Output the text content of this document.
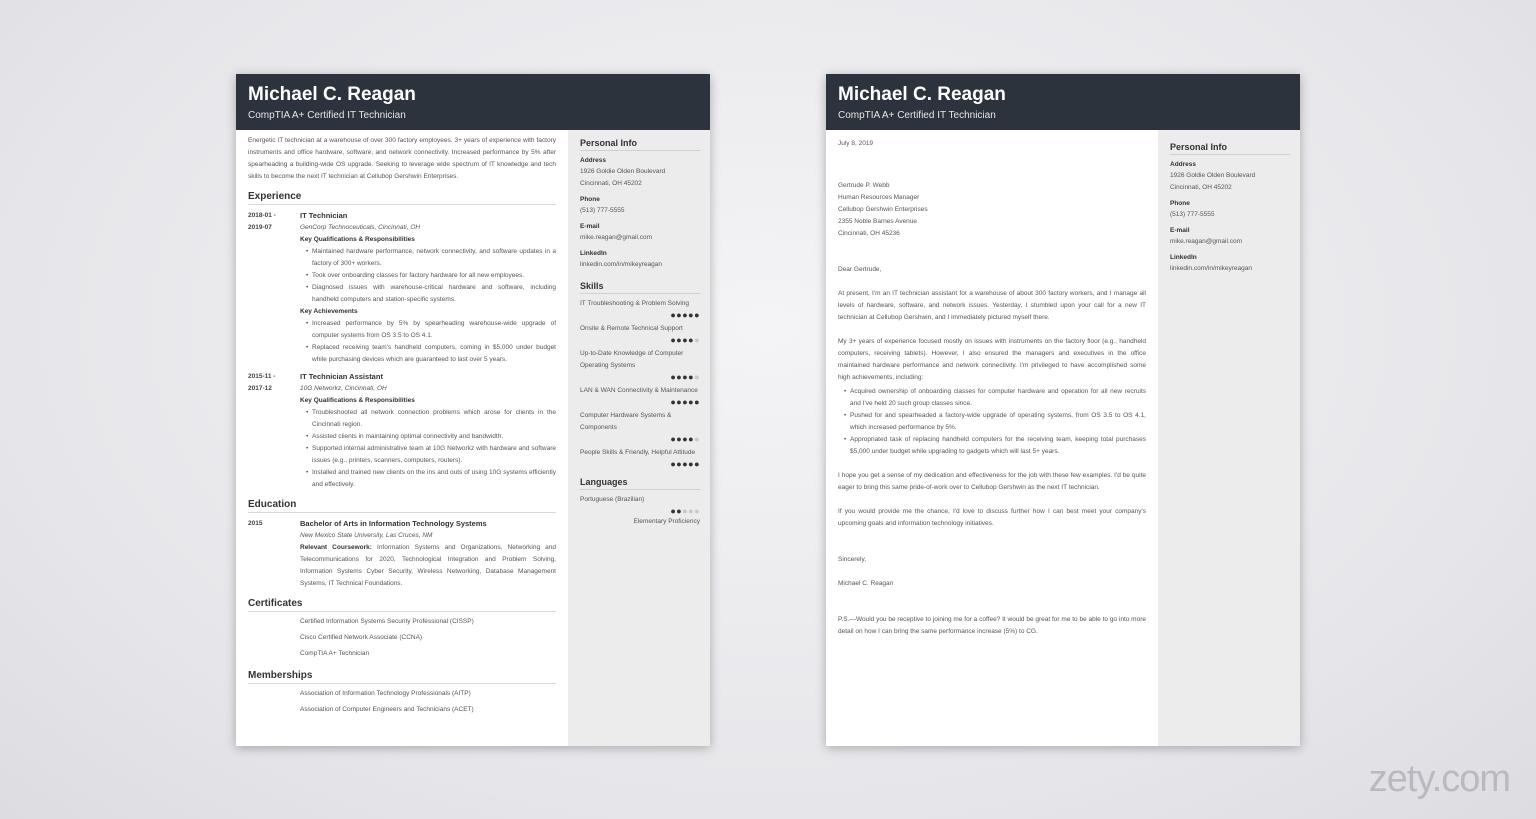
Michael C. Reagan
CompTIA A+ Certified IT Technician

Energetic IT technician at a warehouse of over 300 factory employees. 3+ years of experience with factory instruments and office hardware, software, and network connectivity. Increased performance by 5% after spearheading a building-wide OS upgrade. Seeking to leverage wide spectrum of IT knowledge and tech skills to become the next IT technician at Cellubop Gershwin Enterprises.

Experience
2018-01 -
2019-07
IT Technician
GenCorp Technoceuticals, Cincinnati, OH
Key Qualifications & Responsibilities
• Maintained hardware performance, network connectivity, and software updates in a factory of 300+ workers.
• Took over onboarding classes for factory hardware for all new employees.
• Diagnosed issues with warehouse-critical hardware and software, including handheld computers and station-specific systems.
Key Achievements
• Increased performance by 5% by spearheading warehouse-wide upgrade of computer systems from OS 3.5 to OS 4.1.
• Replaced receiving team's handheld computers, coming in $5,000 under budget while purchasing devices which are guaranteed to last over 5 years.
2015-11 -
2017-12
IT Technician Assistant
10G Networkz, Cincinnati, OH
Key Qualifications & Responsibilities
• Troubleshooted all network connection problems which arose for clients in the Cincinnati region.
• Assisted clients in maintaining optimal connectivity and bandwidth.
• Supported internal administrative team at 10G Networkz with hardware and software issues (e.g., printers, scanners, computers, routers).
• Installed and trained new clients on the ins and outs of using 10G systems efficiently and effectively.
Education
2015	Bachelor of Arts in Information Technology Systems
New Mexico State University, Las Cruces, NM
Relevant Coursework: Information Systems and Organizations, Networking and Telecommunications for 2020, Technological Integration and Problem Solving, Information Systems Cyber Security, Wireless Networking, Database Management Systems, IT Technical Foundations.
Certificates
Certified Information Systems Security Professional (CISSP)
Cisco Certified Network Associate (CCNA)
CompTIA A+ Technician
Memberships
Association of Information Technology Professionals (AITP)
Association of Computer Engineers and Technicians (ACET)
Personal Info
Address
1926 Goldie Olden Boulevard
Cincinnati, OH 45202
Phone
(513) 777-5555
E-mail
mike.reagan@gmail.com
LinkedIn
linkedin.com/in/mikeyreagan
Skills
IT Troubleshooting & Problem Solving
●●●●●
Onsite & Remote Technical Support
●●●●●
Up-to-Date Knowledge of Computer Operating Systems
●●●●●
LAN & WAN Connectivity & Maintenance
●●●●●
Computer Hardware Systems & Components
●●●●●
People Skills & Friendly, Helpful Attitude
●●●●●
Languages
Portuguese (Brazilian)
●●●●●
Elementary Proficiency
Michael C. Reagan
CompTIA A+ Certified IT Technician

July 8, 2019

Gertrude P. Webb
Human Resources Manager
Cellubop Gershwin Enterprises
2355 Noble Barnes Avenue
Cincinnati, OH 45236

Dear Gertrude,

At present, I'm an IT technician assistant for a warehouse of about 300 factory workers, and I manage all levels of hardware, software, and network issues. Yesterday, I stumbled upon your call for a new IT technician at Cellubop Gershwin, and I immediately pictured myself there.

My 3+ years of experience focused mostly on issues with instruments on the factory floor (e.g., handheld computers, receiving tablets). However, I also ensured the managers and executives in the office maintained hardware performance and network connectivity. I'm privileged to have accomplished some high achievements, including:

• Acquired ownership of onboarding classes for computer hardware and operation for all new recruits and I've held 20 such group classes since.
• Pushed for and spearheaded a factory-wide upgrade of operating systems, from OS 3.5 to OS 4.1, which increased performance by 5%.
• Appropriated task of replacing handheld computers for the receiving team, keeping total purchases $5,000 under budget while upgrading to gadgets which will last 5+ years.

I hope you get a sense of my dedication and effectiveness for the job with these few examples. I'd be quite eager to bring this same pride-of-work over to Cellubop Gershwin as the next IT technician.

If you would provide me the chance, I'd love to discuss further how I can best meet your company's upcoming goals and information technology initiatives.

Sincerely,

Michael C. Reagan

P.S.—Would you be receptive to joining me for a coffee? It would be great for me to be able to go into more detail on how I can bring the same performance increase (5%) to CG.

Personal Info
Address
1926 Goldie Olden Boulevard
Cincinnati, OH 45202
Phone
(513) 777-5555
E-mail
mike.reagan@gmail.com
LinkedIn
linkedin.com/in/mikeyreagan
zety.com
